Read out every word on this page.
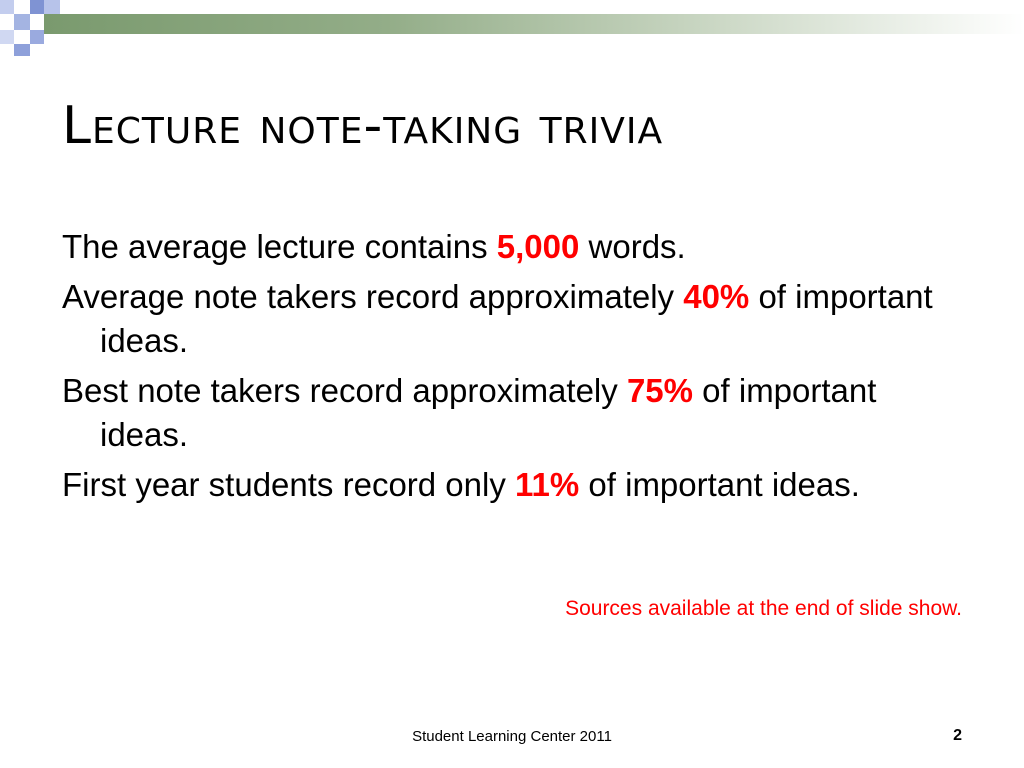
Lecture note-taking trivia
The average lecture contains 5,000 words.
Average note takers record approximately 40% of important ideas.
Best note takers record approximately 75% of important ideas.
First year students record only 11% of important ideas.
Sources available at the end of slide show.
Student Learning Center 2011	2
